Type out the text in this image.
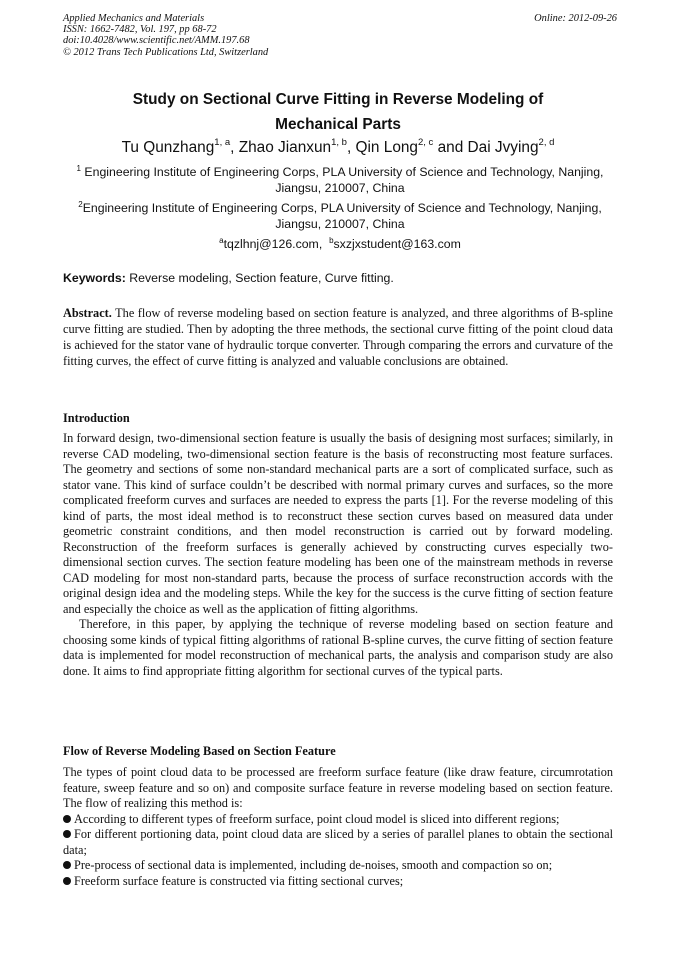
Applied Mechanics and Materials
ISSN: 1662-7482, Vol. 197, pp 68-72
doi:10.4028/www.scientific.net/AMM.197.68
© 2012 Trans Tech Publications Ltd, Switzerland
Online: 2012-09-26
Study on Sectional Curve Fitting in Reverse Modeling of
Mechanical Parts
Tu Qunzhang$^{1, a}$, Zhao Jianxun$^{1, b}$, Qin Long$^{2, c}$ and Dai Jvying$^{2, d}$
$^1$ Engineering Institute of Engineering Corps, PLA University of Science and Technology, Nanjing,
Jiangsu, 210007, China
$^2$Engineering Institute of Engineering Corps, PLA University of Science and Technology, Nanjing,
Jiangsu, 210007, China
$^a$tqzlhnj@126.com,  $^b$sxzjxstudent@163.com
Keywords: Reverse modeling, Section feature, Curve fitting.
Abstract. The flow of reverse modeling based on section feature is analyzed, and three algorithms of B-spline curve fitting are studied. Then by adopting the three methods, the sectional curve fitting of the point cloud data is achieved for the stator vane of hydraulic torque converter. Through comparing the errors and curvature of the fitting curves, the effect of curve fitting is analyzed and valuable conclusions are obtained.
Introduction

In forward design, two-dimensional section feature is usually the basis of designing most surfaces; similarly, in reverse CAD modeling, two-dimensional section feature is the basis of reconstructing most feature surfaces. The geometry and sections of some non-standard mechanical parts are a sort of complicated surface, such as stator vane. This kind of surface couldn’t be described with normal primary curves and surfaces, so the more complicated freeform curves and surfaces are needed to express the parts [1]. For the reverse modeling of this kind of parts, the most ideal method is to reconstruct these section curves based on measured data under geometric constraint conditions, and then model reconstruction is carried out by forward modeling. Reconstruction of the freeform surfaces is generally achieved by constructing curves especially two-dimensional section curves. The section feature modeling has been one of the mainstream methods in reverse CAD modeling for most non-standard parts, because the process of surface reconstruction accords with the original design idea and the modeling steps. While the key for the success is the curve fitting of section feature and especially the choice as well as the application of fitting algorithms.

Therefore, in this paper, by applying the technique of reverse modeling based on section feature and choosing some kinds of typical fitting algorithms of rational B-spline curves, the curve fitting of section feature data is implemented for model reconstruction of mechanical parts, the analysis and comparison study are also done. It aims to find appropriate fitting algorithm for sectional curves of the typical parts.

Flow of Reverse Modeling Based on Section Feature

The types of point cloud data to be processed are freeform surface feature (like draw feature, circumrotation feature, sweep feature and so on) and composite surface feature in reverse modeling based on section feature. The flow of realizing this method is:

According to different types of freeform surface, point cloud model is sliced into different regions;
For different portioning data, point cloud data are sliced by a series of parallel planes to obtain the sectional data;
Pre-process of sectional data is implemented, including de-noises, smooth and compaction so on;
Freeform surface feature is constructed via fitting sectional curves;
